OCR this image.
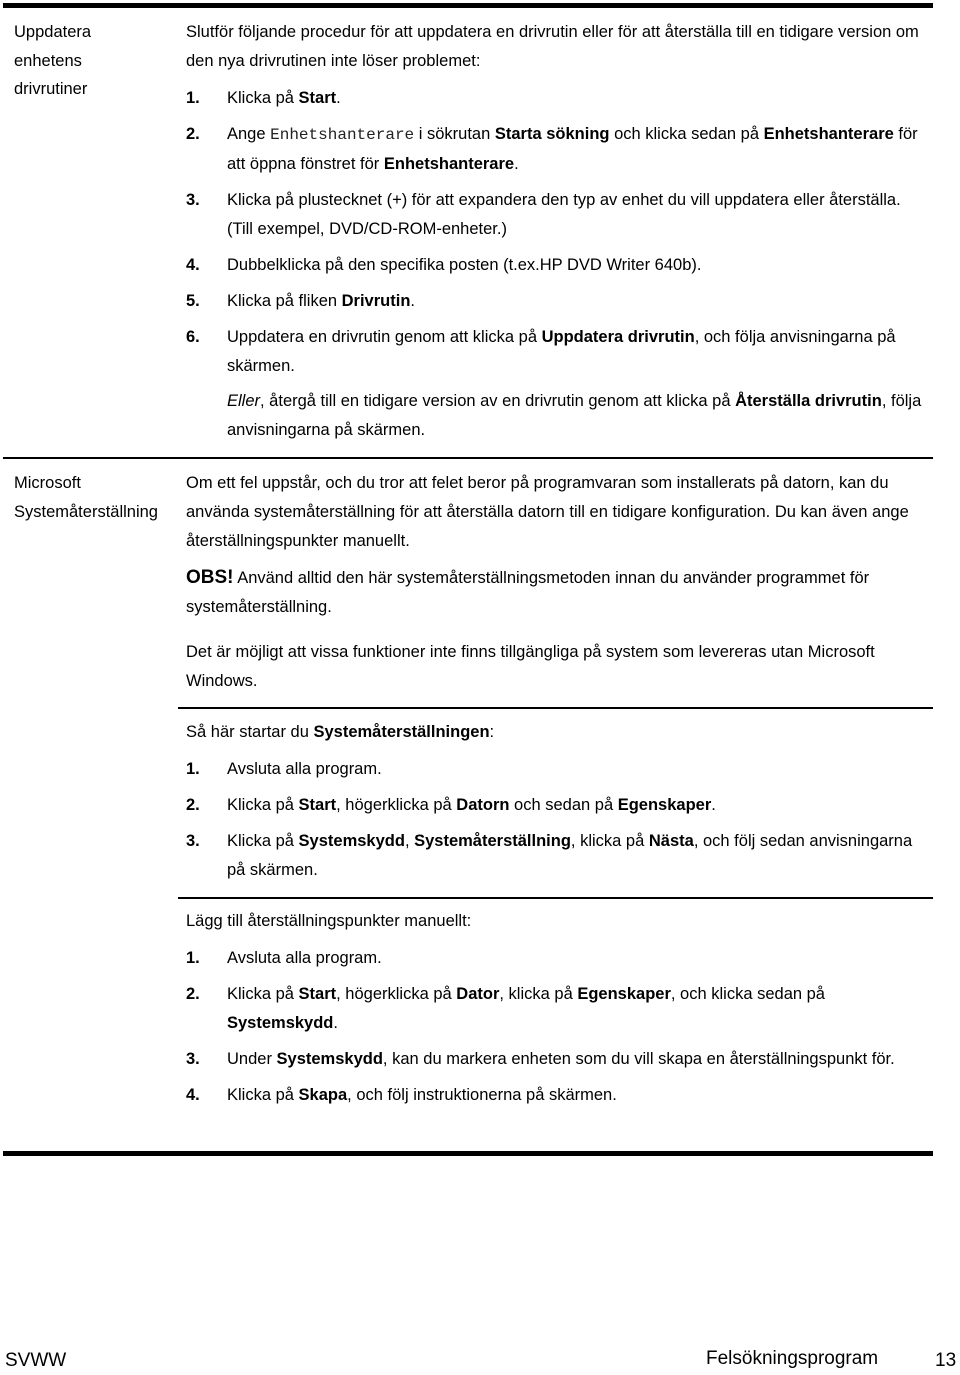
Uppdatera
enhetens
drivrutiner

Slutför följande procedur för att uppdatera en drivrutin eller för att återställa till en tidigare version om den nya drivrutinen inte löser problemet:

1. Klicka på Start.
2. Ange Enhetshanterare i sökrutan Starta sökning och klicka sedan på Enhetshanterare för att öppna fönstret för Enhetshanterare.
3. Klicka på plustecknet (+) för att expandera den typ av enhet du vill uppdatera eller återställa. (Till exempel, DVD/CD-ROM-enheter.)
4. Dubbelklicka på den specifika posten (t.ex.HP DVD Writer 640b).
5. Klicka på fliken Drivrutin.
6. Uppdatera en drivrutin genom att klicka på Uppdatera drivrutin, och följa anvisningarna på skärmen.

Eller, återgå till en tidigare version av en drivrutin genom att klicka på Återställa drivrutin, följa anvisningarna på skärmen.

Microsoft
Systemåterställning

Om ett fel uppstår, och du tror att felet beror på programvaran som installerats på datorn, kan du använda systemåterställning för att återställa datorn till en tidigare konfiguration. Du kan även ange återställningspunkter manuellt.

OBS! Använd alltid den här systemåterställningsmetoden innan du använder programmet för systemåterställning.

Det är möjligt att vissa funktioner inte finns tillgängliga på system som levereras utan Microsoft Windows.

Så här startar du Systemåterställningen:

1. Avsluta alla program.
2. Klicka på Start, högerklicka på Datorn och sedan på Egenskaper.
3. Klicka på Systemskydd, Systemåterställning, klicka på Nästa, och följ sedan anvisningarna på skärmen.

Lägg till återställningspunkter manuellt:

1. Avsluta alla program.
2. Klicka på Start, högerklicka på Dator, klicka på Egenskaper, och klicka sedan på Systemskydd.
3. Under Systemskydd, kan du markera enheten som du vill skapa en återställningspunkt för.
4. Klicka på Skapa, och följ instruktionerna på skärmen.
SVWW	Felsökningsprogram	13
